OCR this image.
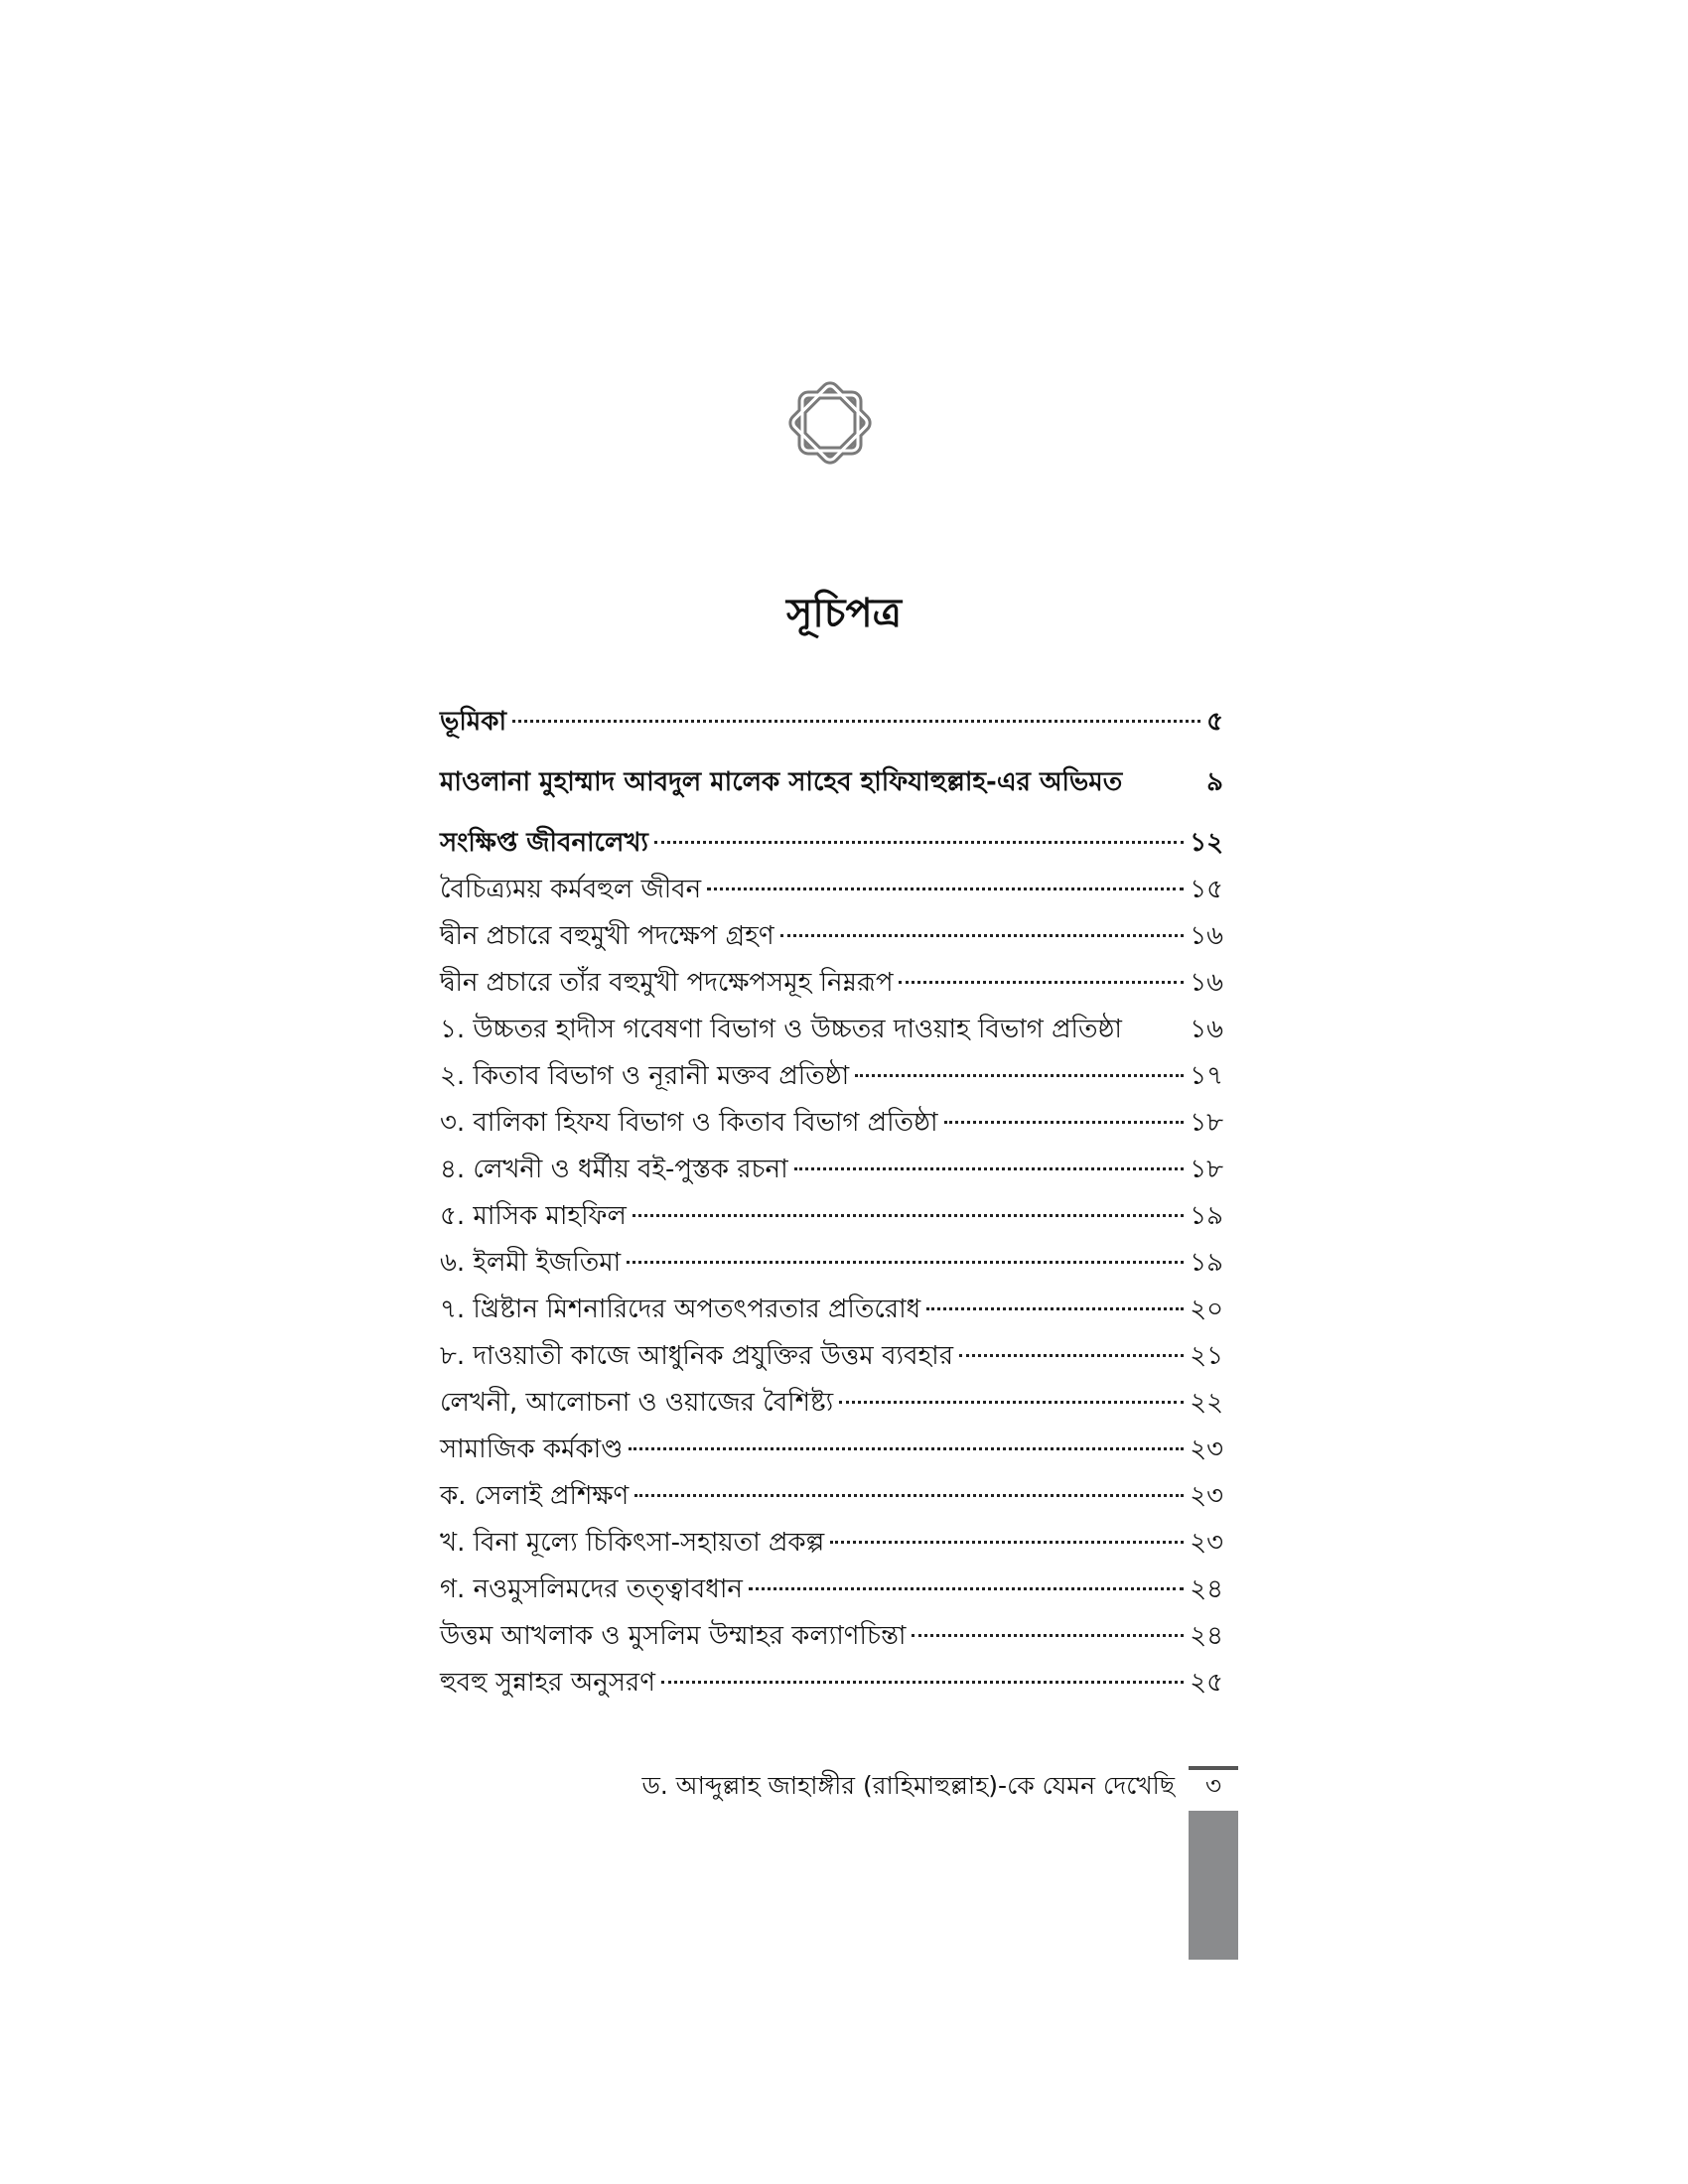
সূচিপত্র
ভূমিকা	৫
মাওলানা মুহাম্মাদ আবদুল মালেক সাহেব হাফিযাহুল্লাহ-এর অভিমত	৯
সংক্ষিপ্ত জীবনালেখ্য	১২
বৈচিত্র্যময় কর্মবহুল জীবন	১৫
দ্বীন প্রচারে বহুমুখী পদক্ষেপ গ্রহণ	১৬
দ্বীন প্রচারে তাঁর বহুমুখী পদক্ষেপসমূহ নিম্নরূপ	১৬
১. উচ্চতর হাদীস গবেষণা বিভাগ ও উচ্চতর দাওয়াহ বিভাগ প্রতিষ্ঠা	১৬
২. কিতাব বিভাগ ও নূরানী মক্তব প্রতিষ্ঠা	১৭
৩. বালিকা হিফয বিভাগ ও কিতাব বিভাগ প্রতিষ্ঠা	১৮
৪. লেখনী ও ধর্মীয় বই-পুস্তক রচনা	১৮
৫. মাসিক মাহফিল	১৯
৬. ইলমী ইজতিমা	১৯
৭. খ্রিষ্টান মিশনারিদের অপতৎপরতার প্রতিরোধ	২০
৮. দাওয়াতী কাজে আধুনিক প্রযুক্তির উত্তম ব্যবহার	২১
লেখনী, আলোচনা ও ওয়াজের বৈশিষ্ট্য	২২
সামাজিক কর্মকাণ্ড	২৩
ক. সেলাই প্রশিক্ষণ	২৩
খ. বিনা মূল্যে চিকিৎসা-সহায়তা প্রকল্প	২৩
গ. নওমুসলিমদের তত্ত্বাবধান	২৪
উত্তম আখলাক ও মুসলিম উম্মাহর কল্যাণচিন্তা	২৪
হুবহু সুন্নাহর অনুসরণ	২৫
ড. আব্দুল্লাহ জাহাঙ্গীর (রাহিমাহুল্লাহ)-কে যেমন দেখেছি	৩
